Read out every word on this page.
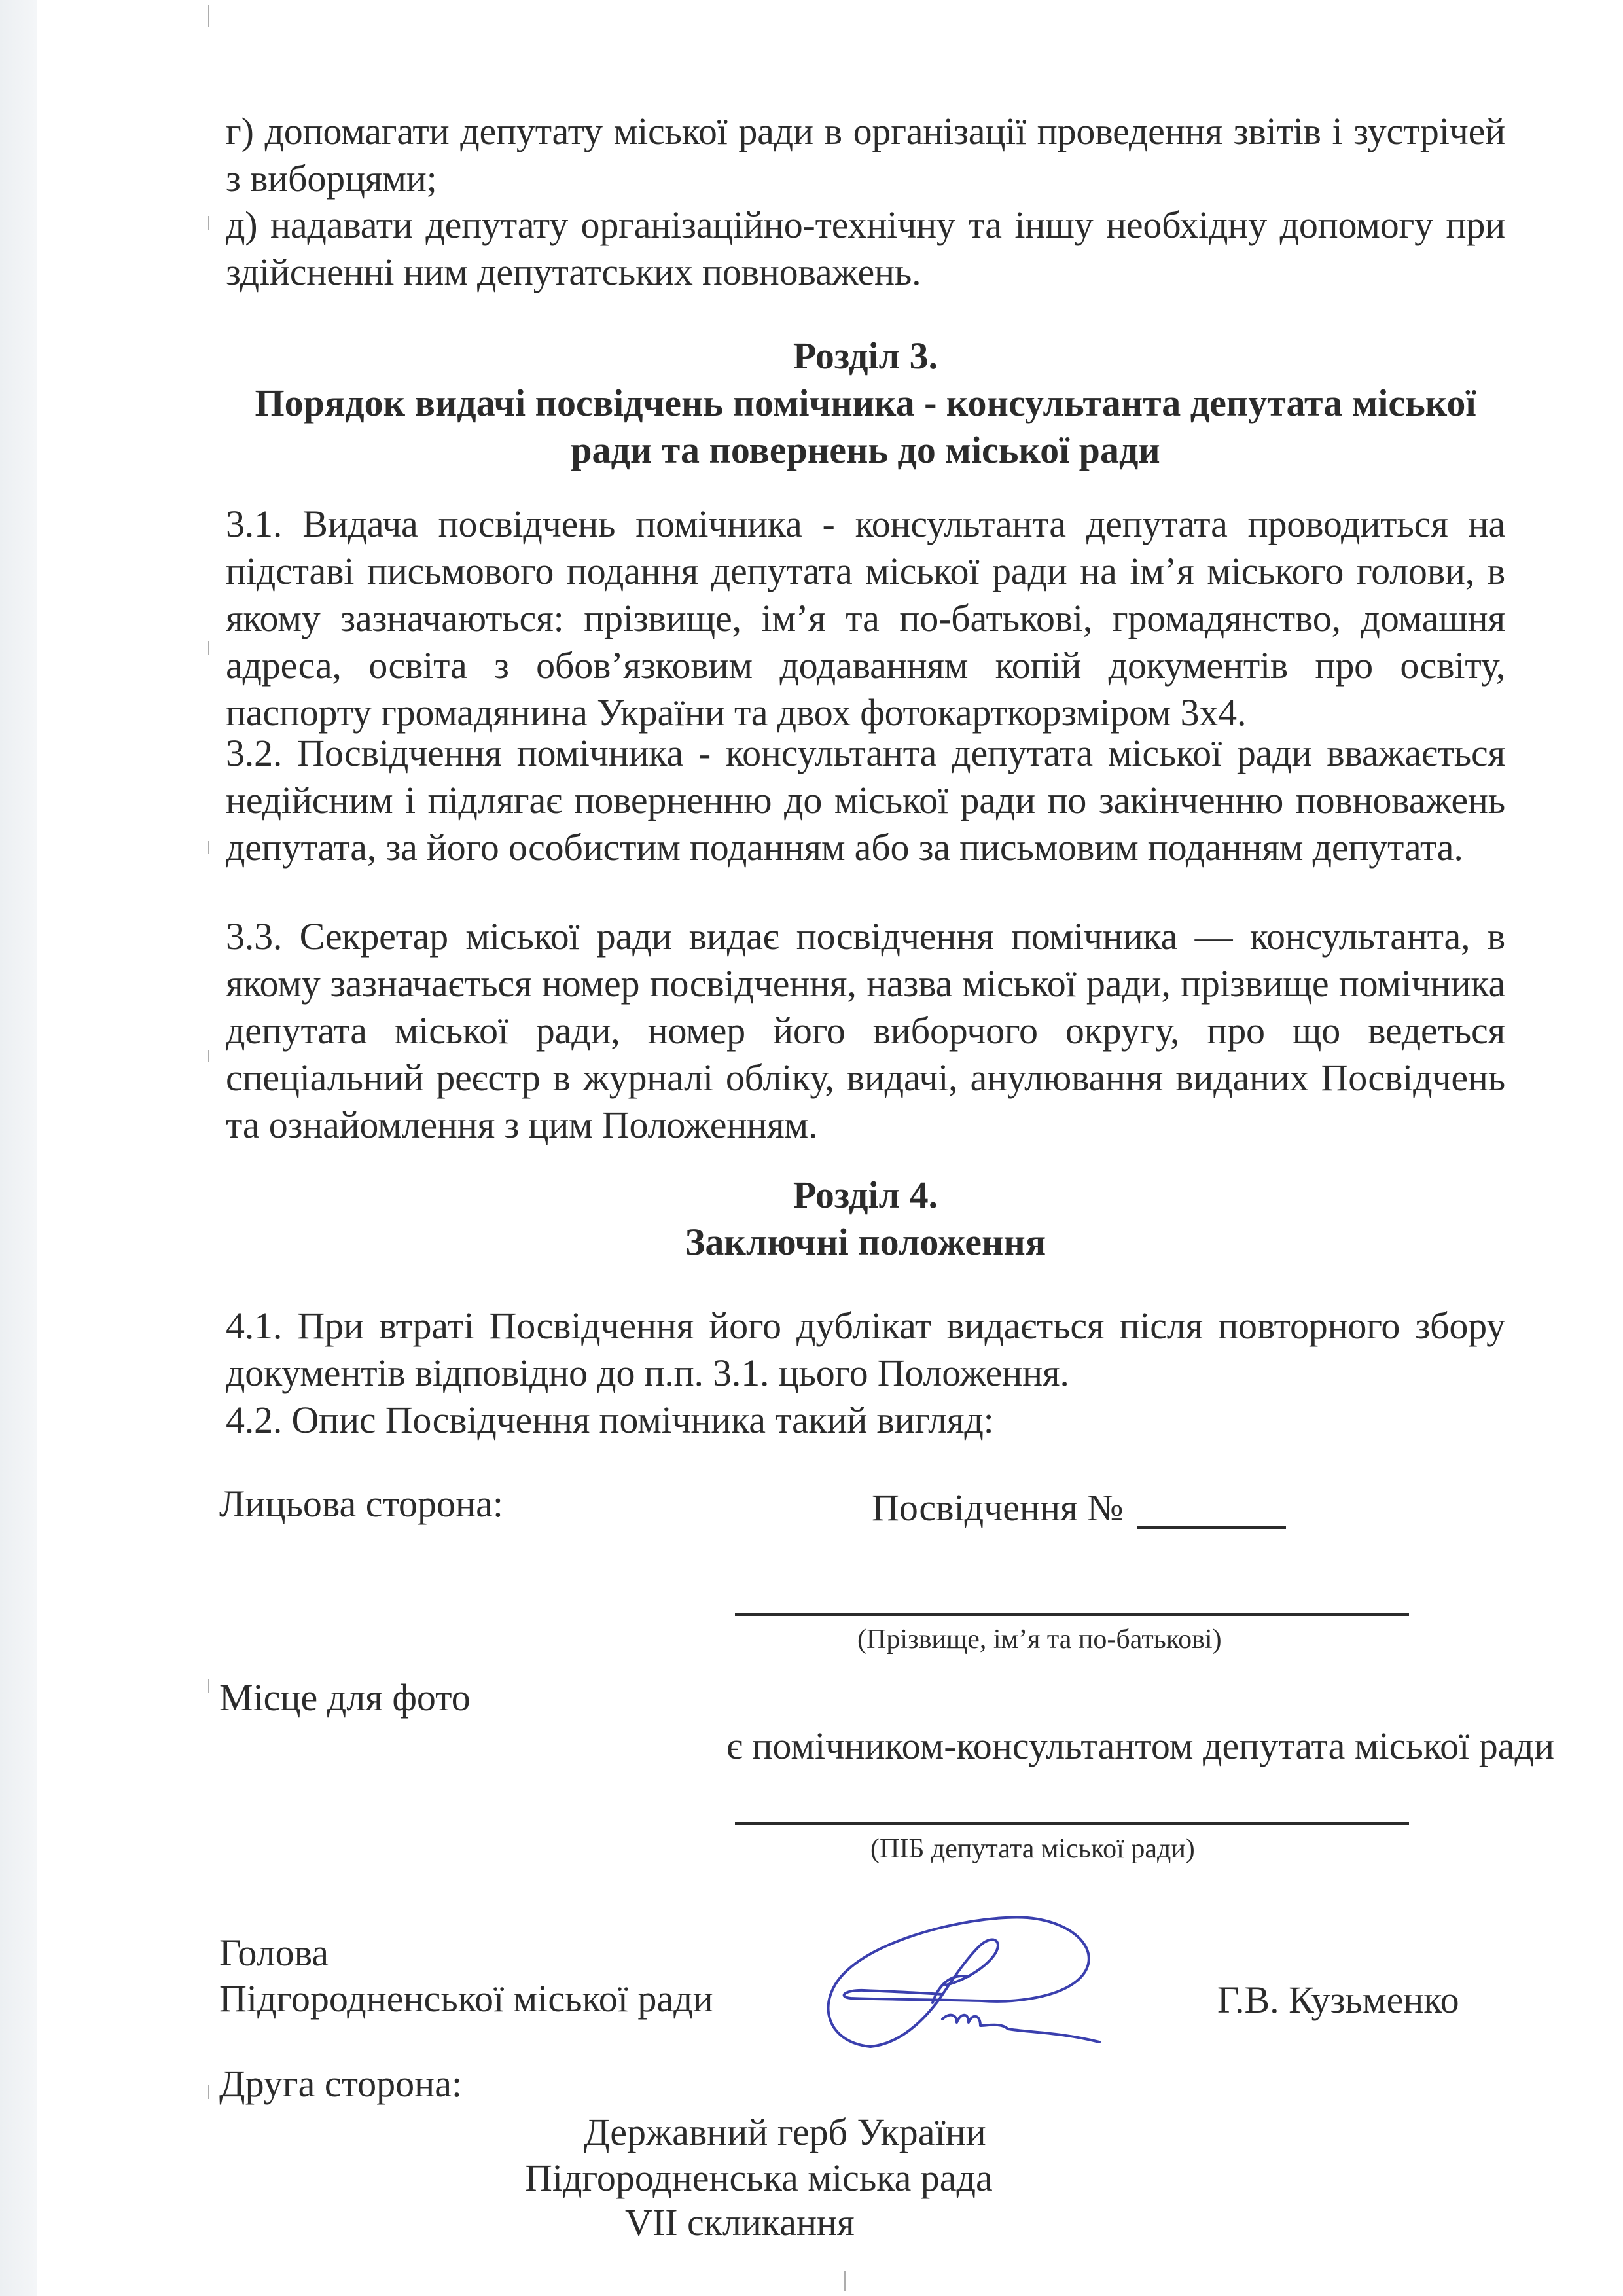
г) допомагати депутату міської ради в організації проведення звітів і зустрічей з виборцями;
д) надавати депутату організаційно-технічну та іншу необхідну допомогу при здійсненні ним депутатських повноважень.
Розділ 3.
Порядок видачі посвідчень помічника - консультанта депутата міської ради та повернень до міської ради
3.1. Видача посвідчень помічника - консультанта депутата проводиться на підставі письмового подання депутата міської ради на ім’я міського голови, в якому зазначаються: прізвище, ім’я та по-батькові, громадянство, домашня адреса, освіта з обов’язковим додаванням копій документів про освіту, паспорту громадянина України та двох фотокарткорзміром 3х4.
3.2. Посвідчення помічника - консультанта депутата міської ради вважається недійсним і підлягає поверненню до міської ради по закінченню повноважень депутата, за його особистим поданням або за письмовим поданням депутата.
3.3. Секретар міської ради видає посвідчення помічника — консультанта, в якому зазначається номер посвідчення, назва міської ради, прізвище помічника депутата міської ради, номер його виборчого округу, про що ведеться спеціальний реєстр в журналі обліку, видачі, анулювання виданих Посвідчень та ознайомлення з цим Положенням.
Розділ 4.
Заключні положення
4.1. При втраті Посвідчення його дублікат видається після повторного збору документів відповідно до п.п. 3.1. цього Положення.
4.2. Опис Посвідчення помічника такий вигляд:
Лицьова сторона:	Посвідчення №
(Прізвище, ім’я та по-батькові)
Місце для фото
є помічником-консультантом депутата міської ради
(ПІБ депутата міської ради)
Голова
Підгородненської міської ради	Г.В. Кузьменко
Друга сторона:
Державний герб України
Підгородненська міська рада
VII скликання
